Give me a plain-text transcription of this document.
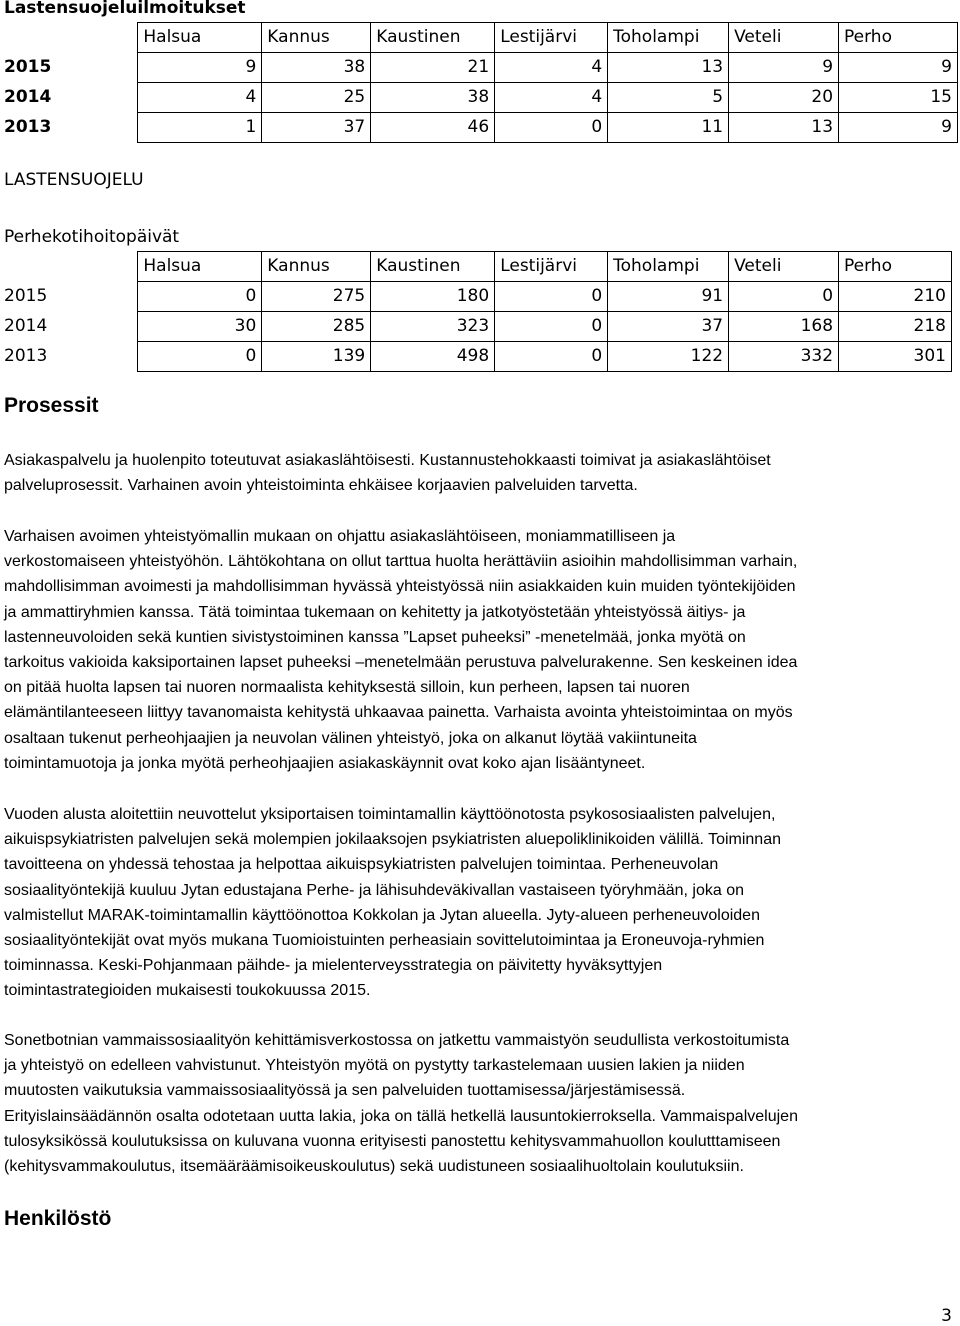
Lastensuojeluilmoitukset
	Halsua	Kannus	Kaustinen	Lestijärvi	Toholampi	Veteli	Perho
2015	9	38	21	4	13	9	9
2014	4	25	38	4	5	20	15
2013	1	37	46	0	11	13	9
LASTENSUOJELU
Perhekotihoitopäivät
	Halsua	Kannus	Kaustinen	Lestijärvi	Toholampi	Veteli	Perho
2015	0	275	180	0	91	0	210
2014	30	285	323	0	37	168	218
2013	0	139	498	0	122	332	301
Prosessit
Asiakaspalvelu ja huolenpito toteutuvat asiakaslähtöisesti. Kustannustehokkaasti toimivat ja asiakaslähtöiset
palveluprosessit. Varhainen avoin yhteistoiminta ehkäisee korjaavien palveluiden tarvetta.
Varhaisen avoimen yhteistyömallin mukaan on ohjattu asiakaslähtöiseen, moniammatilliseen ja
verkostomaiseen yhteistyöhön. Lähtökohtana on ollut tarttua huolta herättäviin asioihin mahdollisimman varhain,
mahdollisimman avoimesti ja mahdollisimman hyvässä yhteistyössä niin asiakkaiden kuin muiden työntekijöiden
ja ammattiryhmien kanssa. Tätä toimintaa tukemaan on kehitetty ja jatkotyöstetään yhteistyössä äitiys- ja
lastenneuvoloiden sekä kuntien sivistystoiminen kanssa ”Lapset puheeksi” -menetelmää, jonka myötä on
tarkoitus vakioida kaksiportainen lapset puheeksi –menetelmään perustuva palvelurakenne. Sen keskeinen idea
on pitää huolta lapsen tai nuoren normaalista kehityksestä silloin, kun perheen, lapsen tai nuoren
elämäntilanteeseen liittyy tavanomaista kehitystä uhkaavaa painetta. Varhaista avointa yhteistoimintaa on myös
osaltaan tukenut perheohjaajien ja neuvolan välinen yhteistyö, joka on alkanut löytää vakiintuneita
toimintamuotoja ja jonka myötä perheohjaajien asiakaskäynnit ovat koko ajan lisääntyneet.
Vuoden alusta aloitettiin neuvottelut yksiportaisen toimintamallin käyttöönotosta psykososiaalisten palvelujen,
aikuispsykiatristen palvelujen sekä molempien jokilaaksojen psykiatristen aluepoliklinikoiden välillä. Toiminnan
tavoitteena on yhdessä tehostaa ja helpottaa aikuispsykiatristen palvelujen toimintaa. Perheneuvolan
sosiaalityöntekijä kuuluu Jytan edustajana Perhe- ja lähisuhdeväkivallan vastaiseen työryhmään, joka on
valmistellut MARAK-toimintamallin käyttöönottoa Kokkolan ja Jytan alueella. Jyty-alueen perheneuvoloiden
sosiaalityöntekijät ovat myös mukana Tuomioistuinten perheasiain sovittelutoimintaa ja Eroneuvoja-ryhmien
toiminnassa. Keski-Pohjanmaan päihde- ja mielenterveysstrategia on päivitetty hyväksyttyjen
toimintastrategioiden mukaisesti toukokuussa 2015.
Sonetbotnian vammaissosiaalityön kehittämisverkostossa on jatkettu vammaistyön seudullista verkostoitumista
ja yhteistyö on edelleen vahvistunut. Yhteistyön myötä on pystytty tarkastelemaan uusien lakien ja niiden
muutosten vaikutuksia vammaissosiaalityössä ja sen palveluiden tuottamisessa/järjestämisessä.
Erityislainsäädännön osalta odotetaan uutta lakia, joka on tällä hetkellä lausuntokierroksella. Vammaispalvelujen
tulosyksikössä koulutuksissa on kuluvana vuonna erityisesti panostettu kehitysvammahuollon koulutttamiseen
(kehitysvammakoulutus, itsemääräämisoikeuskoulutus) sekä uudistuneen sosiaalihuoltolain koulutuksiin.
Henkilöstö
3
